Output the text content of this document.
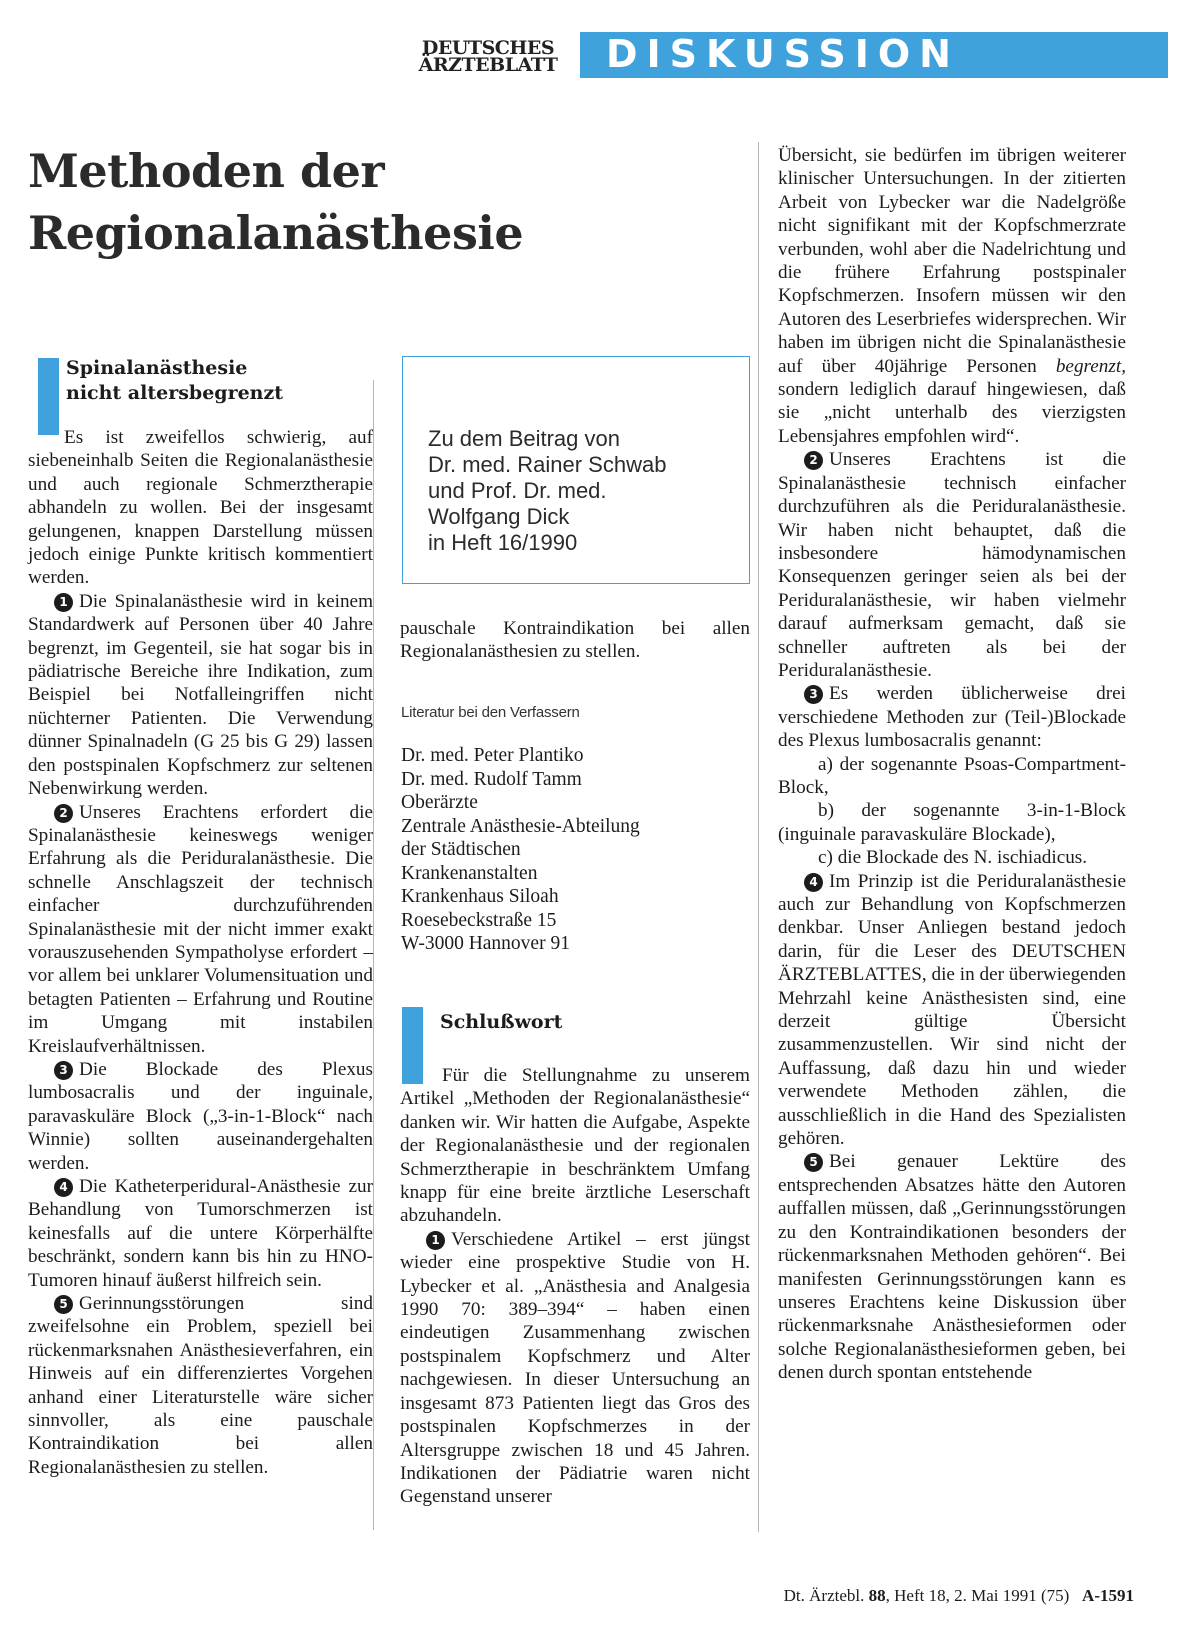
DEUTSCHES
ÄRZTEBLATT	DISKUSSION
Methoden der
Regionalanästhesie
Spinalanästhesie
nicht altersbegrenzt

Es ist zweifellos schwierig, auf siebeneinhalb Seiten die Regionalanästhesie und auch regionale Schmerztherapie abhandeln zu wollen. Bei der insgesamt gelungenen, knappen Darstellung müssen jedoch einige Punkte kritisch kommentiert werden.

1 Die Spinalanästhesie wird in keinem Standardwerk auf Personen über 40 Jahre begrenzt, im Gegenteil, sie hat sogar bis in pädiatrische Bereiche ihre Indikation, zum Beispiel bei Notfalleingriffen nicht nüchterner Patienten. Die Verwendung dünner Spinalnadeln (G 25 bis G 29) lassen den postspinalen Kopfschmerz zur seltenen Nebenwirkung werden.

2 Unseres Erachtens erfordert die Spinalanästhesie keineswegs weniger Erfahrung als die Periduralanästhesie. Die schnelle Anschlagszeit der technisch einfacher durchzuführenden Spinalanästhesie mit der nicht immer exakt vorauszusehenden Sympatholyse erfordert – vor allem bei unklarer Volumensituation und betagten Patienten – Erfahrung und Routine im Umgang mit instabilen Kreislaufverhältnissen.

3 Die Blockade des Plexus lumbosacralis und der inguinale, paravaskuläre Block („3-in-1-Block“ nach Winnie) sollten auseinandergehalten werden.

4 Die Katheterperidural-Anästhesie zur Behandlung von Tumorschmerzen ist keinesfalls auf die untere Körperhälfte beschränkt, sondern kann bis hin zu HNO-Tumoren hinauf äußerst hilfreich sein.

5 Gerinnungsstörungen sind zweifelsohne ein Problem, speziell bei rückenmarksnahen Anästhesieverfahren, ein Hinweis auf ein differenziertes Vorgehen anhand einer Literaturstelle wäre sicher sinnvoller, als eine pauschale Kontraindikation bei allen Regionalanästhesien zu stellen.

Zu dem Beitrag von
Dr. med. Rainer Schwab
und Prof. Dr. med.
Wolfgang Dick
in Heft 16/1990
Literatur bei den Verfassern
Dr. med. Peter Plantiko
Dr. med. Rudolf Tamm
Oberärzte
Zentrale Anästhesie-Abteilung
der Städtischen
Krankenanstalten
Krankenhaus Siloah
Roesebeckstraße 15
W-3000 Hannover 91
Schlußwort

pauschale Kontraindikation bei allen Regionalanästhesien zu stellen.

Für die Stellungnahme zu unserem Artikel „Methoden der Regionalanästhesie“ danken wir. Wir hatten die Aufgabe, Aspekte der Regionalanästhesie und der regionalen Schmerztherapie in beschränktem Umfang knapp für eine breite ärztliche Leserschaft abzuhandeln.

1 Verschiedene Artikel – erst jüngst wieder eine prospektive Studie von H. Lybecker et al. „Anästhesia and Analgesia 1990 70: 389–394“ – haben einen eindeutigen Zusammenhang zwischen postspinalem Kopfschmerz und Alter nachgewiesen. In dieser Untersuchung an insgesamt 873 Patienten liegt das Gros des postspinalen Kopfschmerzes in der Altersgruppe zwischen 18 und 45 Jahren. Indikationen der Pädiatrie waren nicht Gegenstand unserer

Übersicht, sie bedürfen im übrigen weiterer klinischer Untersuchungen. In der zitierten Arbeit von Lybecker war die Nadelgröße nicht signifikant mit der Kopfschmerzrate verbunden, wohl aber die Nadelrichtung und die frühere Erfahrung postspinaler Kopfschmerzen. Insofern müssen wir den Autoren des Leserbriefes widersprechen. Wir haben im übrigen nicht die Spinalanästhesie auf über 40jährige Personen begrenzt, sondern lediglich darauf hingewiesen, daß sie „nicht unterhalb des vierzigsten Lebensjahres empfohlen wird“.

2 Unseres Erachtens ist die Spinalanästhesie technisch einfacher durchzuführen als die Periduralanästhesie. Wir haben nicht behauptet, daß die insbesondere hämodynamischen Konsequenzen geringer seien als bei der Periduralanästhesie, wir haben vielmehr darauf aufmerksam gemacht, daß sie schneller auftreten als bei der Periduralanästhesie.

3 Es werden üblicherweise drei verschiedene Methoden zur (Teil-)Blockade des Plexus lumbosacralis genannt:

a) der sogenannte Psoas-Compartment-Block,

b) der sogenannte 3-in-1-Block (inguinale paravaskuläre Blockade),

c) die Blockade des N. ischiadicus.

4 Im Prinzip ist die Periduralanästhesie auch zur Behandlung von Kopfschmerzen denkbar. Unser Anliegen bestand jedoch darin, für die Leser des DEUTSCHEN ÄRZTEBLATTES, die in der überwiegenden Mehrzahl keine Anästhesisten sind, eine derzeit gültige Übersicht zusammenzustellen. Wir sind nicht der Auffassung, daß dazu hin und wieder verwendete Methoden zählen, die ausschließlich in die Hand des Spezialisten gehören.

5 Bei genauer Lektüre des entsprechenden Absatzes hätte den Autoren auffallen müssen, daß „Gerinnungsstörungen zu den Kontraindikationen besonders der rückenmarksnahen Methoden gehören“. Bei manifesten Gerinnungsstörungen kann es unseres Erachtens keine Diskussion über rückenmarksnahe Anästhesieformen oder solche Regionalanästhesieformen geben, bei denen durch spontan entstehende

Dt. Ärztebl. 88, Heft 18, 2. Mai 1991 (75) A-1591
